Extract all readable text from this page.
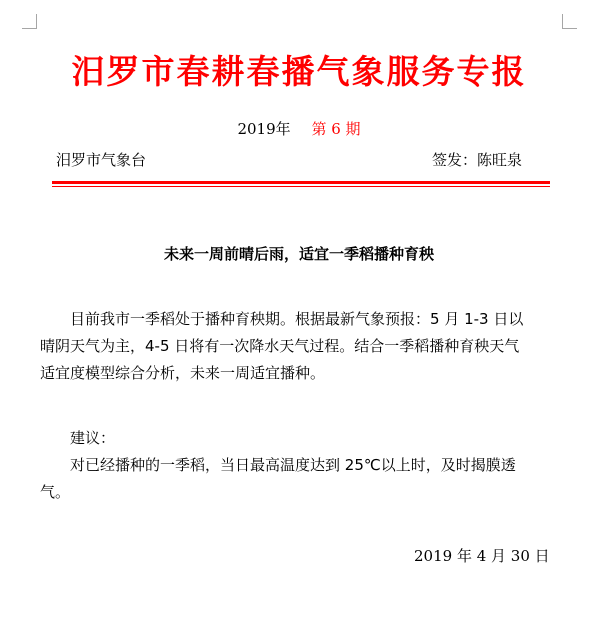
汨罗市春耕春播气象服务专报
2019年 第 6 期
汨罗市气象台	签发：陈旺泉
未来一周前晴后雨，适宜一季稻播种育秧
目前我市一季稻处于播种育秧期。根据最新气象预报：5 月 1-3 日以
晴阴天气为主，4-5 日将有一次降水天气过程。结合一季稻播种育秧天气
适宜度模型综合分析，未来一周适宜播种。
建议：
对已经播种的一季稻，当日最高温度达到 25℃以上时，及时揭膜透
气。
2019 年 4 月 30 日
